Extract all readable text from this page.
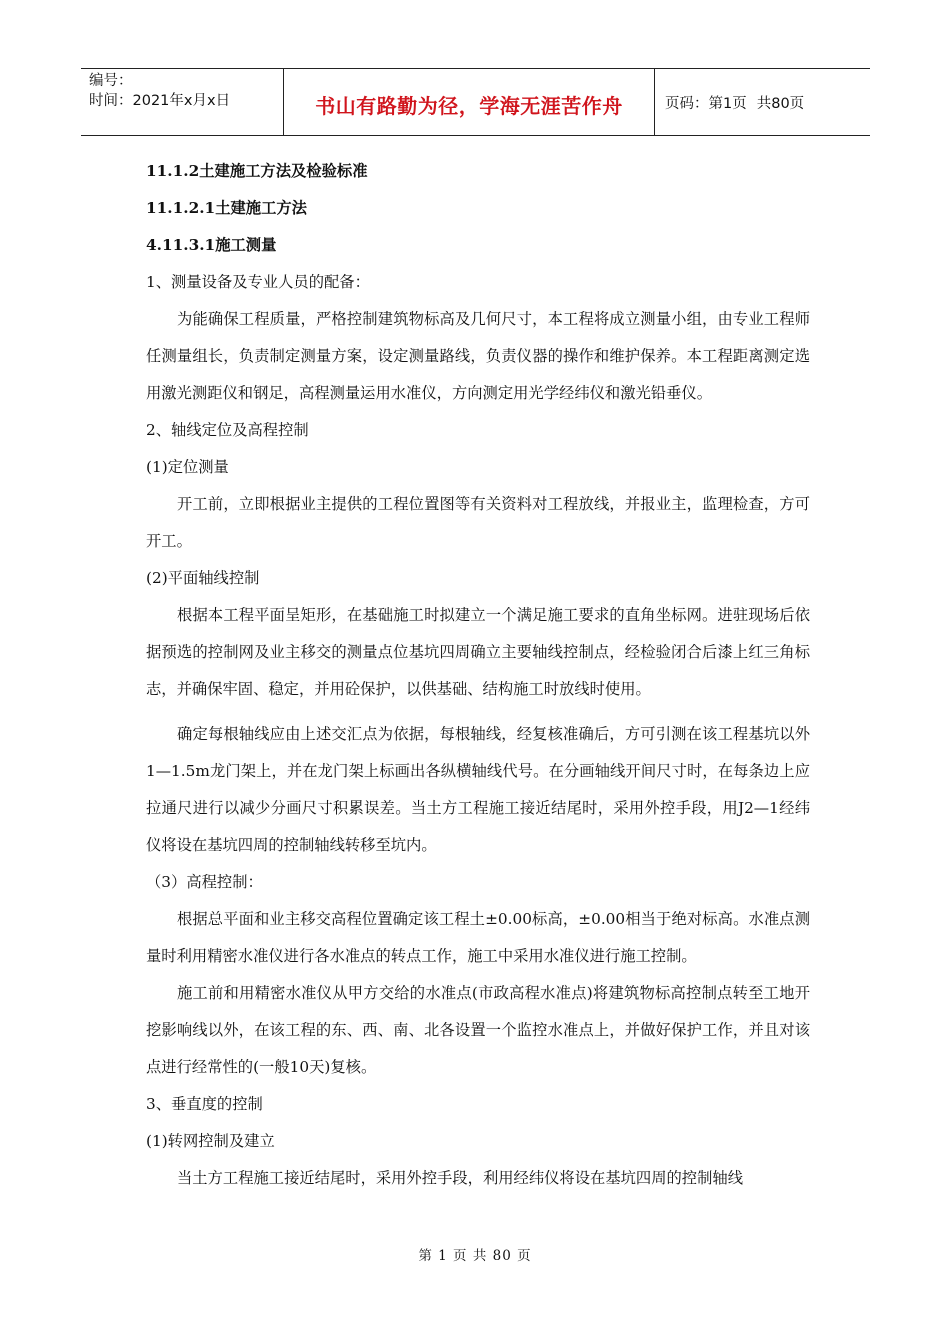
编号：
时间：2021年x月x日	书山有路勤为径，学海无涯苦作舟	页码：第1页 共80页
11.1.2土建施工方法及检验标准
11.1.2.1土建施工方法
4.11.3.1施工测量
1、测量设备及专业人员的配备：
为能确保工程质量，严格控制建筑物标高及几何尺寸，本工程将成立测量小组，由专业工程师任测量组长，负责制定测量方案，设定测量路线，负责仪器的操作和维护保养。本工程距离测定选用激光测距仪和钢足，高程测量运用水准仪，方向测定用光学经纬仪和激光铅垂仪。
2、轴线定位及高程控制
(1)定位测量
开工前，立即根据业主提供的工程位置图等有关资料对工程放线，并报业主，监理检查，方可开工。
(2)平面轴线控制
根据本工程平面呈矩形，在基础施工时拟建立一个满足施工要求的直角坐标网。进驻现场后依据预选的控制网及业主移交的测量点位基坑四周确立主要轴线控制点，经检验闭合后漆上红三角标志，并确保牢固、稳定，并用砼保护，以供基础、结构施工时放线时使用。
确定每根轴线应由上述交汇点为依据，每根轴线，经复核准确后，方可引测在该工程基坑以外1—1.5m龙门架上，并在龙门架上标画出各纵横轴线代号。在分画轴线开间尺寸时，在每条边上应拉通尺进行以减少分画尺寸积累误差。当土方工程施工接近结尾时，采用外控手段，用J2—1经纬仪将设在基坑四周的控制轴线转移至坑内。
（3）高程控制：
根据总平面和业主移交高程位置确定该工程土±0.00标高，±0.00相当于绝对标高。水准点测量时利用精密水准仪进行各水准点的转点工作，施工中采用水准仪进行施工控制。
施工前和用精密水准仪从甲方交给的水准点(市政高程水准点)将建筑物标高控制点转至工地开挖影响线以外，在该工程的东、西、南、北各设置一个监控水准点上，并做好保护工作，并且对该点进行经常性的(一般10天)复核。
3、垂直度的控制
(1)转网控制及建立
当土方工程施工接近结尾时，采用外控手段，利用经纬仪将设在基坑四周的控制轴线
第 1 页 共 80 页
